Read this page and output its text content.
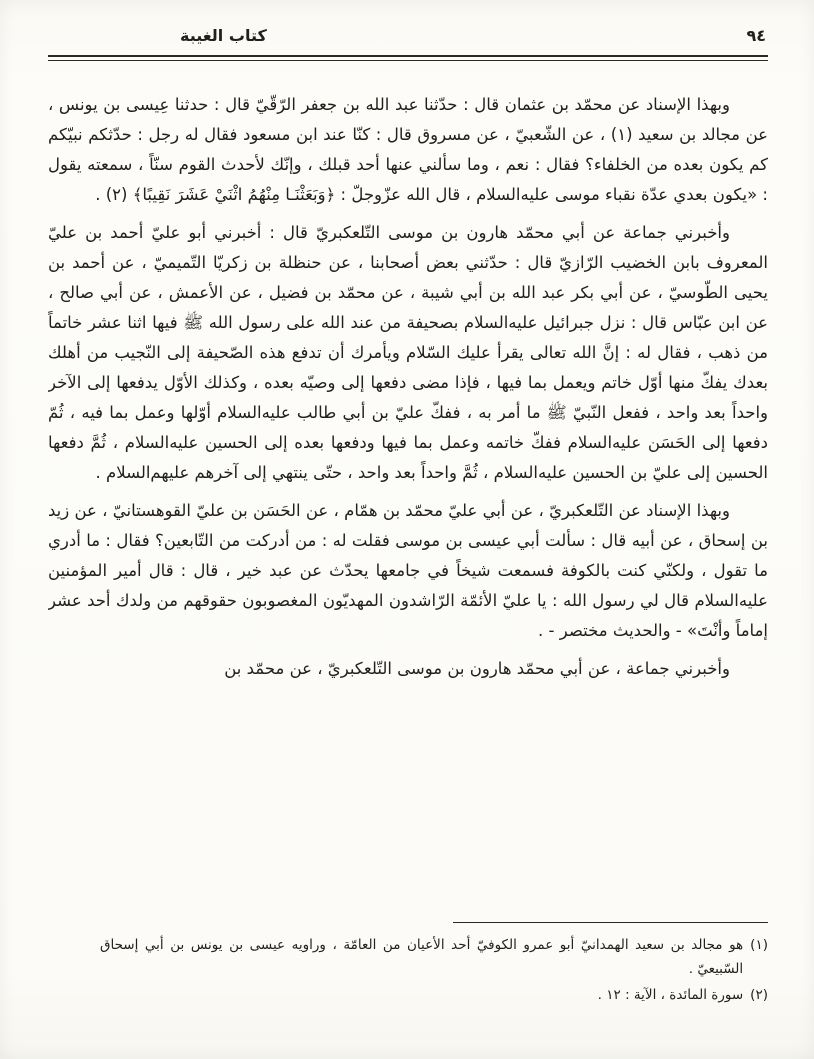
كتاب الغيبة	٩٤

وبهذا الإسناد عن محمّد بن عثمان قال : حدّثنا عبد الله بن جعفر الرّقّيّ قال : حدثنا عِيسى بن يونس ، عن مجالد بن سعيد (١) ، عن الشّعبيّ ، عن مسروق قال : كنّا عند ابن مسعود فقال له رجل : حدّثكم نبيّكم كم يكون بعده من الخلفاء؟ فقال : نعم ، وما سألني عنها أحد قبلك ، وإنّك لأحدث القوم سنّاً ، سمعته يقول : «يكون بعدي عدّة نقباء موسى عليه‌السلام ، قال الله عزّوجلّ : ﴿وَبَعَثْنَـا مِنْهُمُ اثْنَيْ عَشَرَ نَقِيبًا﴾ (٢) .

وأخبرني جماعة عن أبي محمّد هارون بن موسى التّلعكبريّ قال : أخبرني أبو عليّ أحمد بن عليّ المعروف بابن الخضيب الرّازيّ قال : حدّثني بعض أصحابنا ، عن حنظلة بن زكريّا التّميميّ ، عن أحمد بن يحيى الطّوسيّ ، عن أبي بكر عبد الله بن أبي شيبة ، عن محمّد بن فضيل ، عن الأعمش ، عن أبي صالح ، عن ابن عبّاس قال : نزل جبرائيل عليه‌السلام بصحيفة من عند الله على رسول الله ﷺ فيها اثنا عشر خاتماً من ذهب ، فقال له : إنَّ الله تعالى يقرأ عليك السّلام ويأمرك أن تدفع هذه الصّحيفة إلى النّجيب من أهلك بعدك يفكّ منها أوّل خاتم ويعمل بما فيها ، فإذا مضى دفعها إلى وصيّه بعده ، وكذلك الأوّل يدفعها إلى الآخر واحداً بعد واحد ، ففعل النّبيّ ﷺ ما أمر به ، ففكّ عليّ بن أبي طالب عليه‌السلام أوّلها وعمل بما فيه ، ثُمّ دفعها إلى الحَسَن عليه‌السلام ففكّ خاتمه وعمل بما فيها ودفعها بعده إلى الحسين عليه‌السلام ، ثُمَّ دفعها الحسين إلى عليّ بن الحسين عليه‌السلام ، ثُمَّ واحداً بعد واحد ، حتّى ينتهي إلى آخرهم عليهم‌السلام .

وبهذا الإسناد عن التّلعكبريّ ، عن أبي عليّ محمّد بن همّام ، عن الحَسَن بن عليّ القوهستانيّ ، عن زيد بن إسحاق ، عن أبيه قال : سألت أبي عيسى بن موسى فقلت له : من أدركت من التّابعين؟ فقال : ما أدري ما تقول ، ولكنّي كنت بالكوفة فسمعت شيخاً في جامعها يحدّث عن عبد خير ، قال : قال أمير المؤمنين عليه‌السلام قال لي رسول الله : يا عليّ الأئمّة الرّاشدون المهديّون المغصوبون حقوقهم من ولدك أحد عشر إماماً وأنْتَ» - والحديث مختصر - .

وأخبرني جماعة ، عن أبي محمّد هارون بن موسى التّلعكبريّ ، عن محمّد بن

(١)
هو مجالد بن سعيد الهمدانيّ أبو عمرو الكوفيّ أحد الأعيان من العامّة ، وراويه عيسى بن يونس بن أبي إسحاق السّبيعيّ .
(٢)
سورة المائدة ، الآية : ١٢ .
